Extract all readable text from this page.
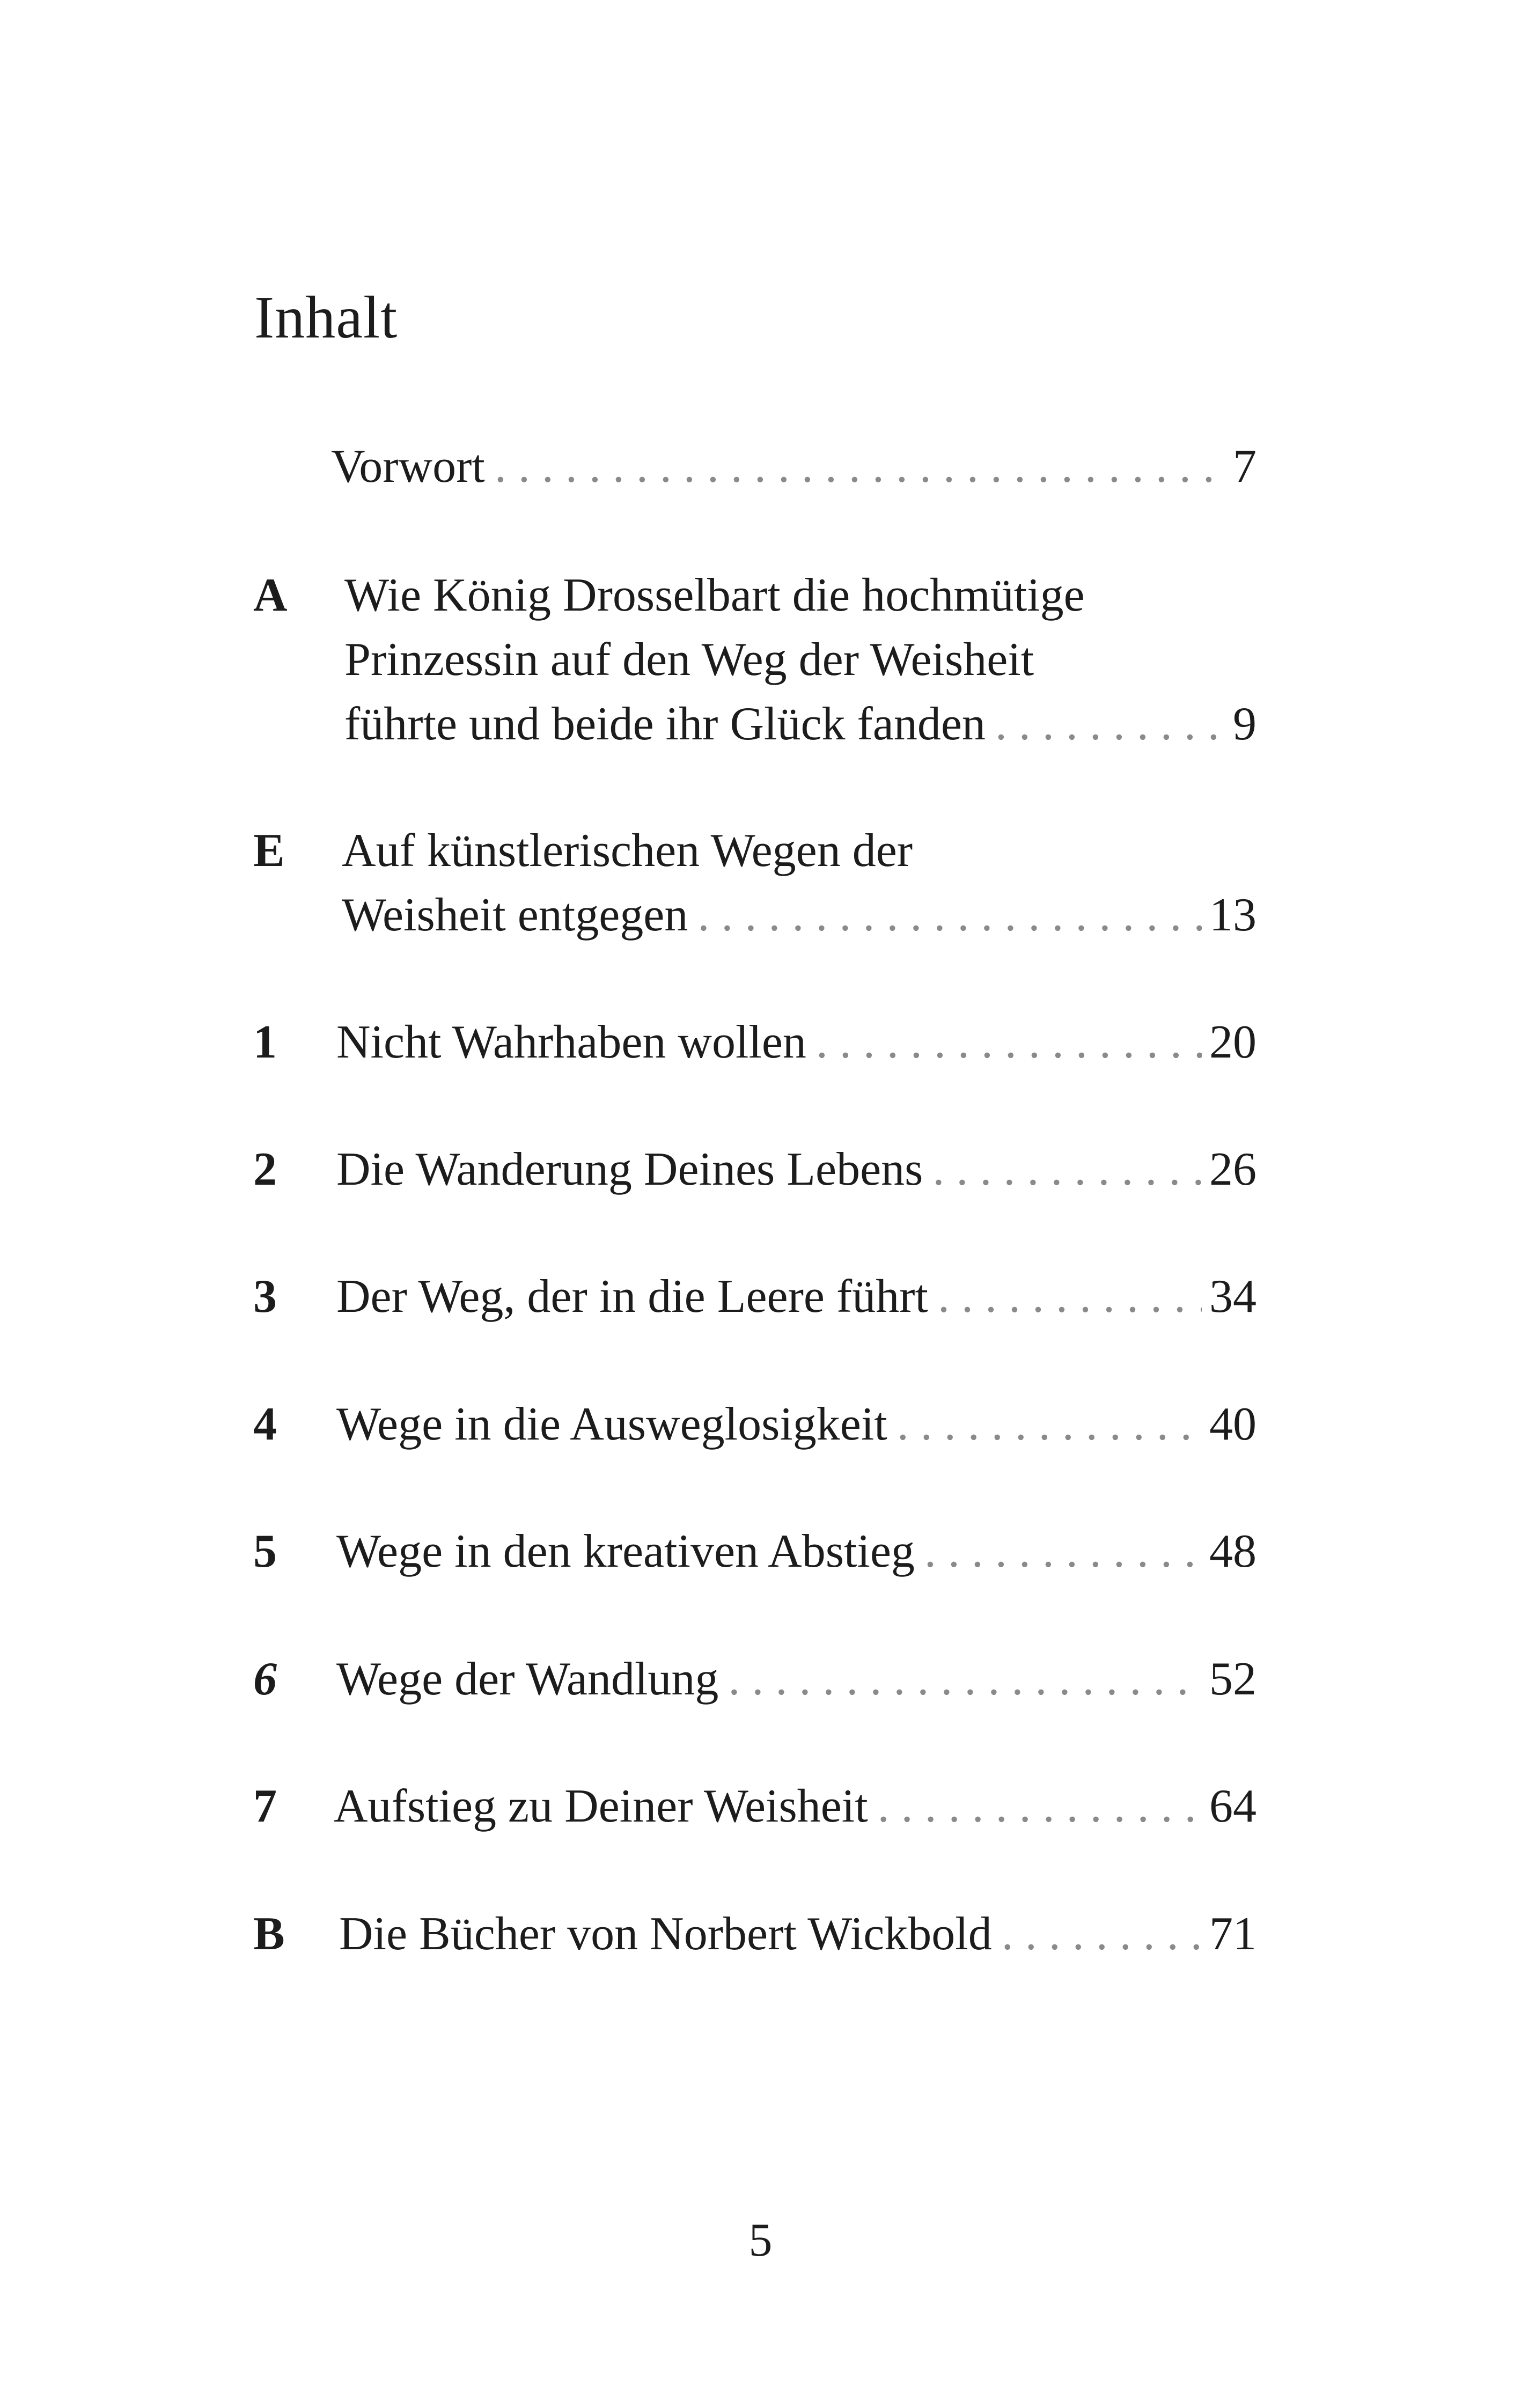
Inhalt
Vorwort . . .	7
A Wie König Drosselbart die hochmütige
Prinzessin auf den Weg der Weisheit
führte und beide ihr Glück fanden . . .	9
E Auf künstlerischen Wegen der
Weisheit entgegen . . .	13
1 Nicht Wahrhaben wollen . . .	20
2 Die Wanderung Deines Lebens . . .	26
3 Der Weg, der in die Leere führt . . .	34
4 Wege in die Ausweglosigkeit . . .	40
5 Wege in den kreativen Abstieg . . .	48
6 Wege der Wandlung . . .	52
7 Aufstieg zu Deiner Weisheit . . .	64
B Die Bücher von Norbert Wickbold . . .	71
5
